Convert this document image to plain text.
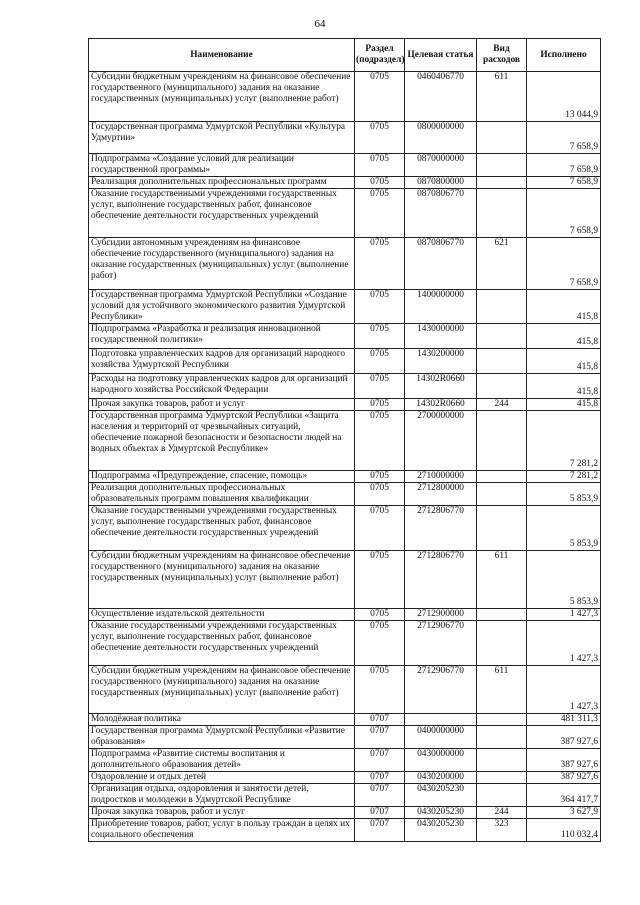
64
Наименование	Раздел (подраздел)	Целевая статья	Вид расходов	Исполнено
Субсидии бюджетным учреждениям на финансовое обеспечение государственного (муниципального) задания на оказание государственных (муниципальных) услуг (выполнение работ)	0705	0460406770	611	13 044,9
Государственная программа Удмуртской Республики «Культура Удмуртии»	0705	0800000000		7 658,9
Подпрограмма «Создание условий для реализации государственной программы»	0705	0870000000		7 658,9
Реализация дополнительных профессиональных программ	0705	0870800000		7 658,9
Оказание государственными учреждениями государственных услуг, выполнение государственных работ, финансовое обеспечение деятельности государственных учреждений	0705	0870806770		7 658,9
Субсидии автономным учреждениям на финансовое обеспечение государственного (муниципального) задания на оказание государственных (муниципальных) услуг (выполнение работ)	0705	0870806770	621	7 658,9
Государственная программа Удмуртской Республики «Создание условий для устойчивого экономического развития Удмуртской Республики»	0705	1400000000		415,8
Подпрограмма «Разработка и реализация инновационной государственной политики»	0705	1430000000		415,8
Подготовка управленческих кадров для организаций народного хозяйства Удмуртской Республики	0705	1430200000		415,8
Расходы на подготовку управленческих кадров для организаций народного хозяйства Российской Федерации	0705	14302R0660		415,8
Прочая закупка товаров, работ и услуг	0705	14302R0660	244	415,8
Государственная программа Удмуртской Республики «Защита населения и территорий от чрезвычайных ситуаций, обеспечение пожарной безопасности и безопасности людей на водных объектах в Удмуртской Республике»	0705	2700000000		7 281,2
Подпрограмма «Предупреждение, спасение, помощь»	0705	2710000000		7 281,2
Реализация дополнительных профессиональных образовательных программ повышения квалификации	0705	2712800000		5 853,9
Оказание государственными учреждениями государственных услуг, выполнение государственных работ, финансовое обеспечение деятельности государственных учреждений	0705	2712806770		5 853,9
Субсидии бюджетным учреждениям на финансовое обеспечение государственного (муниципального) задания на оказание государственных (муниципальных) услуг (выполнение работ)	0705	2712806770	611	5 853,9
Осуществление издательской деятельности	0705	2712900000		1 427,3
Оказание государственными учреждениями государственных услуг, выполнение государственных работ, финансовое обеспечение деятельности государственных учреждений	0705	2712906770		1 427,3
Субсидии бюджетным учреждениям на финансовое обеспечение государственного (муниципального) задания на оказание государственных (муниципальных) услуг (выполнение работ)	0705	2712906770	611	1 427,3
Молодёжная политика	0707			481 311,3
Государственная программа Удмуртской Республики «Развитие образования»	0707	0400000000		387 927,6
Подпрограмма «Развитие системы воспитания и дополнительного образования детей»	0707	0430000000		387 927,6
Оздоровление и отдых детей	0707	0430200000		387 927,6
Организация отдыха, оздоровления и занятости детей, подростков и молодежи в Удмуртской Республике	0707	0430205230		364 417,7
Прочая закупка товаров, работ и услуг	0707	0430205230	244	3 627,9
Приобретение товаров, работ, услуг в пользу граждан в целях их социального обеспечения	0707	0430205230	323	110 032,4
